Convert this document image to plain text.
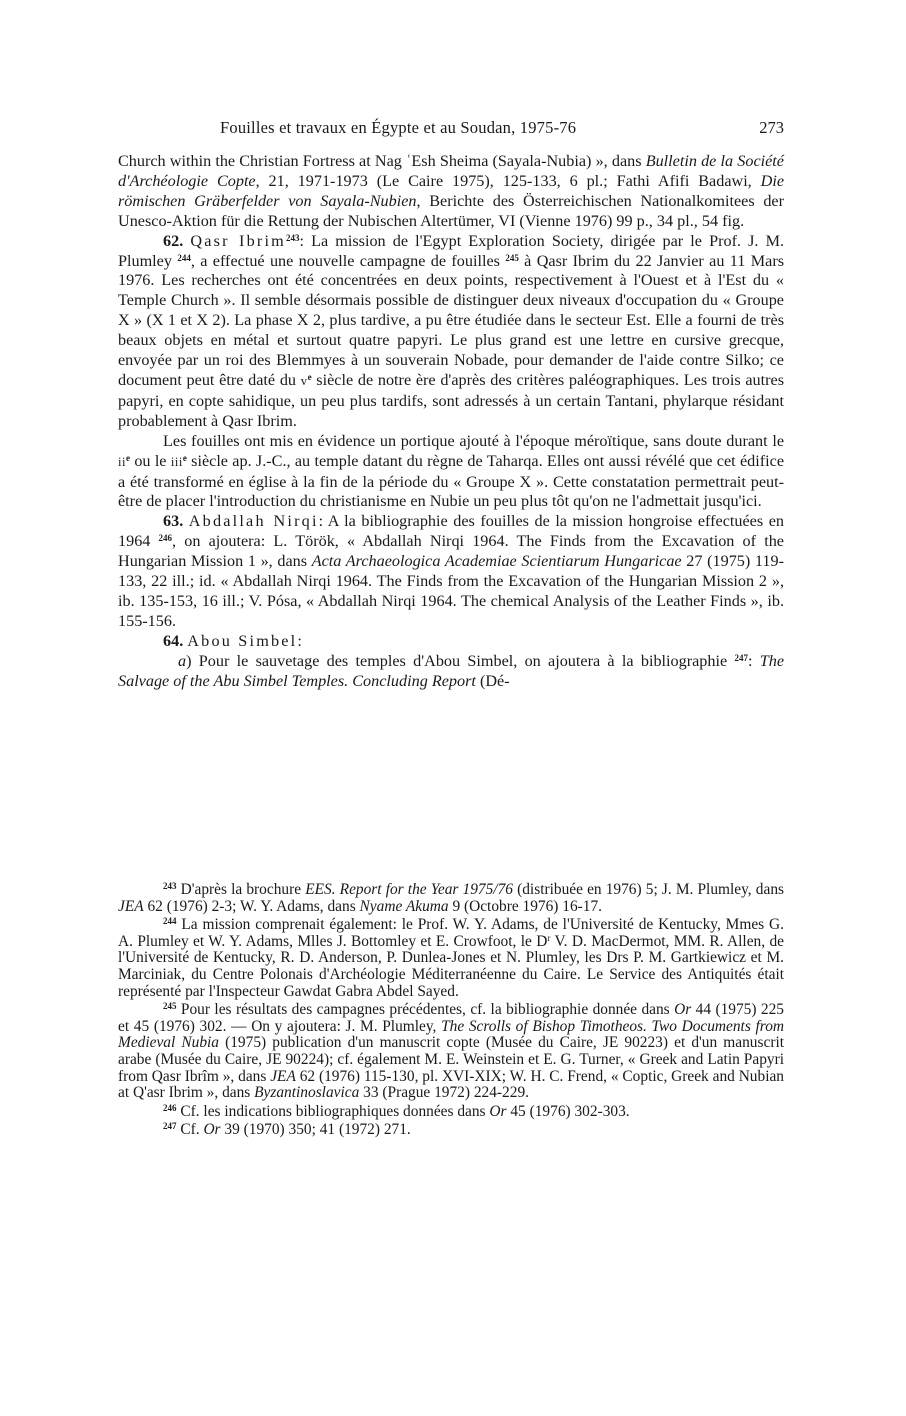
Fouilles et travaux en Égypte et au Soudan, 1975-76	273

Church within the Christian Fortress at Nag ʿEsh Sheima (Sayala-Nubia) », dans Bulletin de la Société d'Archéologie Copte, 21, 1971-1973 (Le Caire 1975), 125-133, 6 pl.; Fathi Afifi Badawi, Die römischen Gräberfelder von Sayala-Nubien, Berichte des Österreichischen Nationalkomitees der Unesco-Aktion für die Rettung der Nubischen Altertümer, VI (Vienne 1976) 99 p., 34 pl., 54 fig.

62. Qasr Ibrim$^{243}$: La mission de l'Egypt Exploration Society, dirigée par le Prof. J. M. Plumley $^{244}$, a effectué une nouvelle campagne de fouilles $^{245}$ à Qasr Ibrim du 22 Janvier au 11 Mars 1976. Les recherches ont été concentrées en deux points, respectivement à l'Ouest et à l'Est du « Temple Church ». Il semble désormais possible de distinguer deux niveaux d'occupation du « Groupe X » (X 1 et X 2). La phase X 2, plus tardive, a pu être étudiée dans le secteur Est. Elle a fourni de très beaux objets en métal et surtout quatre papyri. Le plus grand est une lettre en cursive grecque, envoyée par un roi des Blemmyes à un souverain Nobade, pour demander de l'aide contre Silko; ce document peut être daté du $v^e$ siècle de notre ère d'après des critères paléographiques. Les trois autres papyri, en copte sahidique, un peu plus tardifs, sont adressés à un certain Tantani, phylarque résidant probablement à Qasr Ibrim.

Les fouilles ont mis en évidence un portique ajouté à l'époque méroïtique, sans doute durant le $ii^e$ ou le iii$^e$ siècle ap. J.-C., au temple datant du règne de Taharqa. Elles ont aussi révélé que cet édifice a été transformé en église à la fin de la période du « Groupe X ». Cette constatation permettrait peut-être de placer l'introduction du christianisme en Nubie un peu plus tôt qu'on ne l'admettait jusqu'ici.

63. Abdallah Nirqi: A la bibliographie des fouilles de la mission hongroise effectuées en 1964 $^{246}$, on ajoutera: L. Török, « Abdallah Nirqi 1964. The Finds from the Excavation of the Hungarian Mission 1 », dans Acta Archaeologica Academiae Scientiarum Hungaricae 27 (1975) 119-133, 22 ill.; id. « Abdallah Nirqi 1964. The Finds from the Excavation of the Hungarian Mission 2 », ib. 135-153, 16 ill.; V. Pósa, « Abdallah Nirqi 1964. The chemical Analysis of the Leather Finds », ib. 155-156.

64. Abou Simbel:

a) Pour le sauvetage des temples d'Abou Simbel, on ajoutera à la bibliographie $^{247}$: The Salvage of the Abu Simbel Temples. Concluding Report (Dé-

$^{243}$ D'après la brochure EES. Report for the Year 1975/76 (distribuée en 1976) 5; J. M. Plumley, dans JEA 62 (1976) 2-3; W. Y. Adams, dans Nyame Akuma 9 (Octobre 1976) 16-17.

$^{244}$ La mission comprenait également: le Prof. W. Y. Adams, de l'Université de Kentucky, Mmes G. A. Plumley et W. Y. Adams, Mlles J. Bottomley et E. Crowfoot, le $D^r$ V. D. MacDermot, MM. R. Allen, de l'Université de Kentucky, R. D. Anderson, P. Dunlea-Jones et N. Plumley, les Drs P. M. Gartkiewicz et M. Marciniak, du Centre Polonais d'Archéologie Méditerranéenne du Caire. Le Service des Antiquités était représenté par l'Inspecteur Gawdat Gabra Abdel Sayed.

$^{245}$ Pour les résultats des campagnes précédentes, cf. la bibliographie donnée dans Or 44 (1975) 225 et 45 (1976) 302. — On y ajoutera: J. M. Plumley, The Scrolls of Bishop Timotheos. Two Documents from Medieval Nubia (1975) publication d'un manuscrit copte (Musée du Caire, JE 90223) et d'un manuscrit arabe (Musée du Caire, JE 90224); cf. également M. E. Weinstein et E. G. Turner, « Greek and Latin Papyri from Qasr Ibrîm », dans JEA 62 (1976) 115-130, pl. XVI-XIX; W. H. C. Frend, « Coptic, Greek and Nubian at Q'asr Ibrim », dans Byzantinoslavica 33 (Prague 1972) 224-229.

$^{246}$ Cf. les indications bibliographiques données dans Or 45 (1976) 302-303.

$^{247}$ Cf. Or 39 (1970) 350; 41 (1972) 271.
